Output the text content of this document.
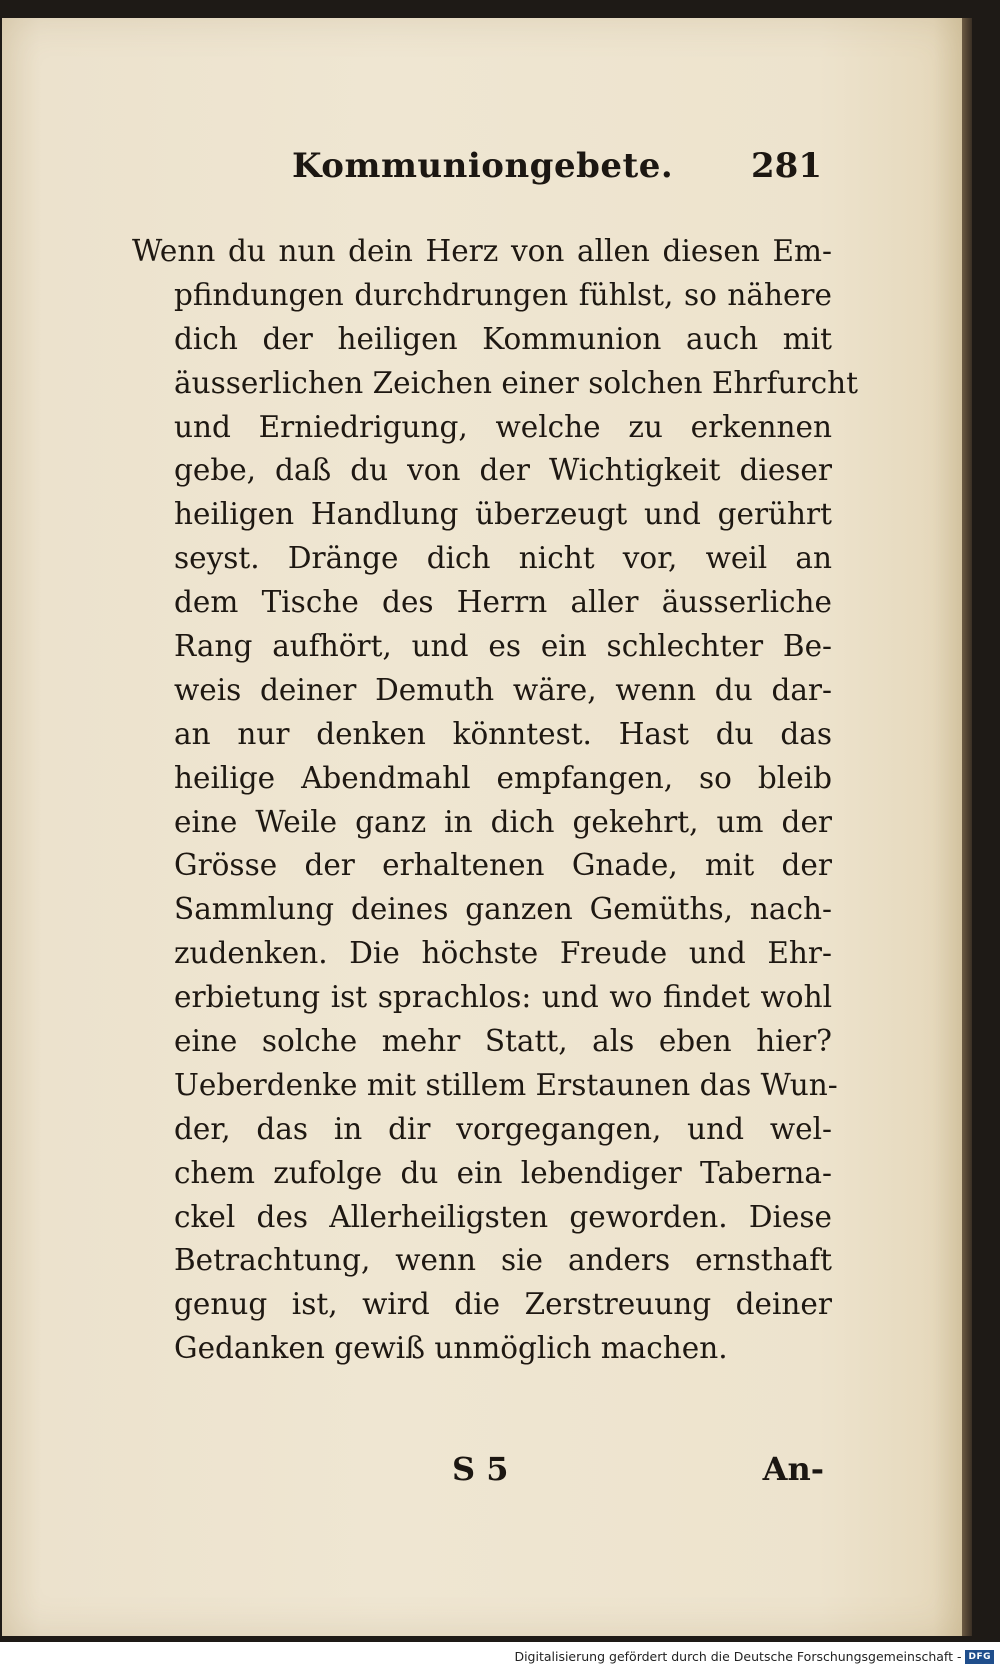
Kommuniongebete. 281
Wenn du nun dein Herz von allen diesen Em-
pfindungen durchdrungen fühlst, so nähere
dich der heiligen Kommunion auch mit
äusserlichen Zeichen einer solchen Ehrfurcht
und Erniedrigung, welche zu erkennen
gebe, daß du von der Wichtigkeit dieser
heiligen Handlung überzeugt und gerührt
seyst. Dränge dich nicht vor, weil an
dem Tische des Herrn aller äusserliche
Rang aufhört, und es ein schlechter Be-
weis deiner Demuth wäre, wenn du dar-
an nur denken könntest. Hast du das
heilige Abendmahl empfangen, so bleib
eine Weile ganz in dich gekehrt, um der
Grösse der erhaltenen Gnade, mit der
Sammlung deines ganzen Gemüths, nach-
zudenken. Die höchste Freude und Ehr-
erbietung ist sprachlos: und wo findet wohl
eine solche mehr Statt, als eben hier?
Ueberdenke mit stillem Erstaunen das Wun-
der, das in dir vorgegangen, und wel-
chem zufolge du ein lebendiger Taberna-
ckel des Allerheiligsten geworden. Diese
Betrachtung, wenn sie anders ernsthaft
genug ist, wird die Zerstreuung deiner
Gedanken gewiß unmöglich machen.
S 5	An-
Digitalisierung gefördert durch die Deutsche Forschungsgemeinschaft - DFG
